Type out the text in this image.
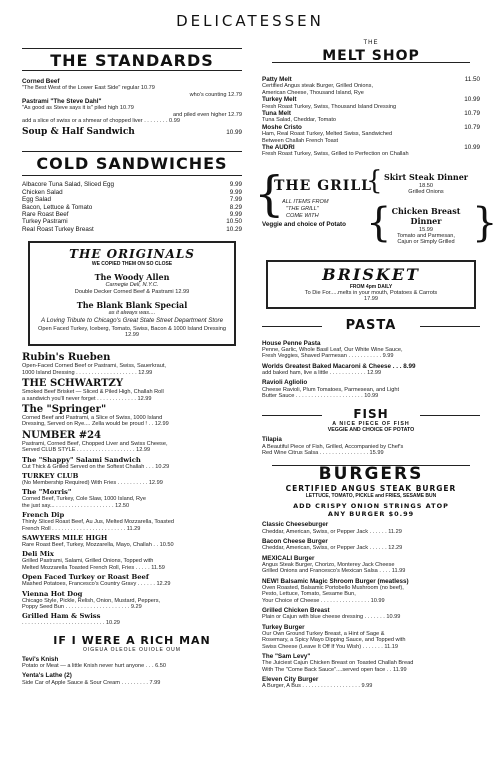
DELICATESSEN
THE STANDARDS
Corned Beef
"The Best West of the Lower East Side" regular 10.79
who's counting 12.79
Pastrami "The Steve Dahl"
"As good as Steve says it is" piled high 10.79
and piled even higher 12.79
add a slice of swiss or a shmear of chopped liver . . . . . . . . 0.99
Soup & Half Sandwich	10.99
COLD SANDWICHES
Albacore Tuna Salad, Sliced Egg	9.99
Chicken Salad	9.99
Egg Salad	7.99
Bacon, Lettuce & Tomato	8.29
Rare Roast Beef	9.99
Turkey Pastrami	10.50
Real Roast Turkey Breast	10.29
THE ORIGINALS
WE COPIED THEM ON SO CLOSE
The Woody Allen
Carnegie Deli, N.Y.C.
Double Decker Corned Beef & Pastrami 12.99
The Blank Blank Special
as it always was....
A Loving Tribute to Chicago's Great State Street Department Store
Open Faced Turkey, Iceberg, Tomato, Swiss, Bacon & 1000 Island Dressing 12.99
Rubin's Rueben
Open-Faced Corned Beef or Pastrami, Swiss, Sauerkraut,
1000 Island Dressing . . . . . . . . . . . . . . . . . . . . 12.99
THE SCHWARTZY
Smoked Beef Brisket — Sliced & Piled High, Challah Roll
a sandwich you'll never forget . . . . . . . . . . . . . 12.99
The "Springer"
Corned Beef and Pastrami, a Slice of Swiss, 1000 Island
Dressing, Served on Rye.... Zella would be proud ! . . 12.99
NUMBER #24
Pastrami, Corned Beef, Chopped Liver and Swiss Cheese,
Served CLUB STYLE . . . . . . . . . . . . . . . . . . . 12.99
The "Shappy" Salami Sandwich
Cut Thick & Grilled Served on the Softest Challah . . . 10.29
TURKEY CLUB
(No Membership Required) With Fries . . . . . . . . . . 12.99
The "Morris"
Corned Beef, Turkey, Cole Slaw, 1000 Island, Rye
the just say... . . . . . . . . . . . . . . . . . . . 12.50
French Dip
Thinly Sliced Roast Beef, Au Jus, Melted Mozzarella, Toasted
French Roll . . . . . . . . . . . . . . . . . . . . . . . . 11.29
SAWYERS MILE HIGH
Rare Roast Beef, Turkey, Mozzarella, Mayo, Challah . . 10.50
Deli Mix
Grilled Pastrami, Salami, Grilled Onions, Topped with
Melted Mozzarella Toasted French Roll, Fries . . . . . 11.59
Open Faced Turkey or Roast Beef
Mashed Potatoes, Francesco's Country Gravy . . . . . . 12.29
Vienna Hot Dog
Chicago Style, Pickle, Relish, Onion, Mustard, Peppers,
Poppy Seed Bun . . . . . . . . . . . . . . . . . . . . . 9.29
Grilled Ham & Swiss
. . . . . . . . . . . . . . . . . . . . . . . . . . . 10.29
IF I WERE A RICH MAN
OIGEUA OLEOLE OUIOLE OUM
Tevi's Knish
Potato or Meat — a little Knish never hurt anyone . . . 6.50
Yenta's Lathe (2)
Side Car of Apple Sauce & Sour Cream . . . . . . . . . 7.99
THE
MELT SHOP
Patty Melt	11.50
Certified Angus steak Burger, Grilled Onions,
American Cheese, Thousand Island, Rye
Turkey Melt	10.99
Fresh Roast Turkey, Swiss, Thousand Island Dressing
Tuna Melt	10.79
Tuna Salad, Cheddar, Tomato
Moshe Cristo	10.79
Ham, Real Roast Turkey, Melted Swiss, Sandwiched
Between Challah French Toast
The AUDRI	10.99
Fresh Roast Turkey, Swiss, Grilled to Perfection on Challah
{
THE GRILL
ALL ITEMS FROM
"THE GRILL"
COME WITH
Veggie and choice of Potato
{ Skirt Steak Dinner
18.50
Grilled Onions
{ }
Chicken Breast
Dinner
15.99
Tomato and Parmesan,
Cajun or Simply Grilled
BRISKET
FROM 4pm DAILY
To Die For.....melts in your mouth, Potatoes & Carrots
17.99
PASTA
House Penne Pasta
Penne, Garlic, Whole Basil Leaf, Our White Wine Sauce,
Fresh Veggies, Shaved Parmesan . . . . . . . . . . . 9.99
Worlds Greatest Baked Macaroni & Cheese . . . 8.99
add baked ham, live a little . . . . . . . . . . . . 12.99
Ravioli Agliolio
Cheese Ravioli, Plum Tomatoes, Parmesean, and Light
Butter Sauce . . . . . . . . . . . . . . . . . . . . . . 10.99
FISH
A NICE PIECE OF FISH
VEGGIE AND CHOICE OF POTATO
Tilapia
A Beautiful Piece of Fish, Grilled, Accompanied by Chef's
Red Wine Citrus Salsa . . . . . . . . . . . . . . . . 15.99
BURGERS
CERTIFIED ANGUS STEAK BURGER
LETTUCE, TOMATO, PICKLE and FRIES, SESAME BUN
ADD CRISPY ONION STRINGS ATOP
ANY BURGER $0.99
Classic Cheeseburger
Cheddar, American, Swiss, or Pepper Jack . . . . . . 11.29
Bacon Cheese Burger
Cheddar, American, Swiss, or Pepper Jack . . . . . . 12.29
MEXICALI Burger
Angus Steak Burger, Chorizo, Monterey Jack Cheese
Grilled Onions and Francesco's Mexican Salsa . . . . 11.99
NEW! Balsamic Magic Shroom Burger (meatless)
Oven Roasted, Balsamic Portobello Mushroom (no beef),
Pesto, Lettuce, Tomato, Sesame Bun,
Your Choice of Cheese . . . . . . . . . . . . . . . . 10.99
Grilled Chicken Breast
Plain or Cajun with blue cheese dressing . . . . . . . 10.99
Turkey Burger
Our Own Ground Turkey Breast, a Hint of Sage &
Rosemary, a Spicy Mayo Dipping Sauce, and Topped with
Swiss Cheese (Leave It Off If You Wish) . . . . . . . 11.19
The "Sam Levy"
The Juiciest Cajun Chicken Breast on Toasted Challah Bread
With The "Come Back Sauce"....served open face . . 11.99
Eleven City Burger
A Burger, A Bus . . . . . . . . . . . . . . . . . . . 9.99
